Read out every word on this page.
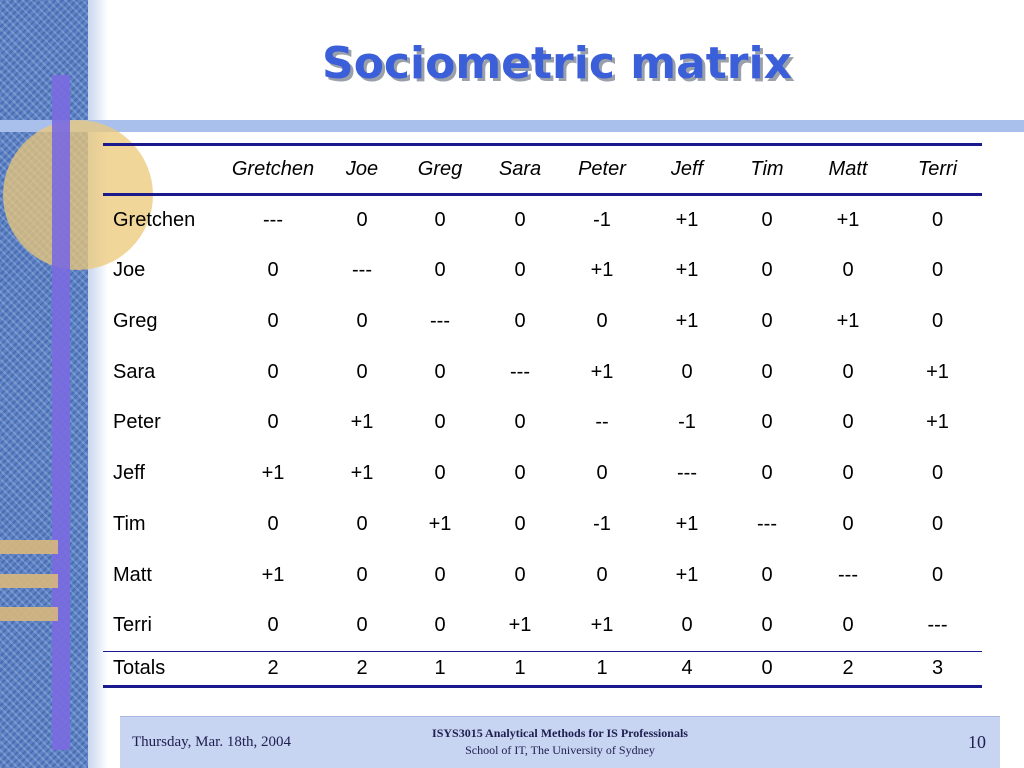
Sociometric matrix
	Gretchen	Joe	Greg	Sara	Peter	Jeff	Tim	Matt	Terri
Gretchen	---	0	0	0	-1	+1	0	+1	0
Joe	0	---	0	0	+1	+1	0	0	0
Greg	0	0	---	0	0	+1	0	+1	0
Sara	0	0	0	---	+1	0	0	0	+1
Peter	0	+1	0	0	--	-1	0	0	+1
Jeff	+1	+1	0	0	0	---	0	0	0
Tim	0	0	+1	0	-1	+1	---	0	0
Matt	+1	0	0	0	0	+1	0	---	0
Terri	0	0	0	+1	+1	0	0	0	---
Totals	2	2	1	1	1	4	0	2	3
Thursday, Mar. 18th, 2004
ISYS3015 Analytical Methods for IS Professionals
School of IT, The University of Sydney	10
